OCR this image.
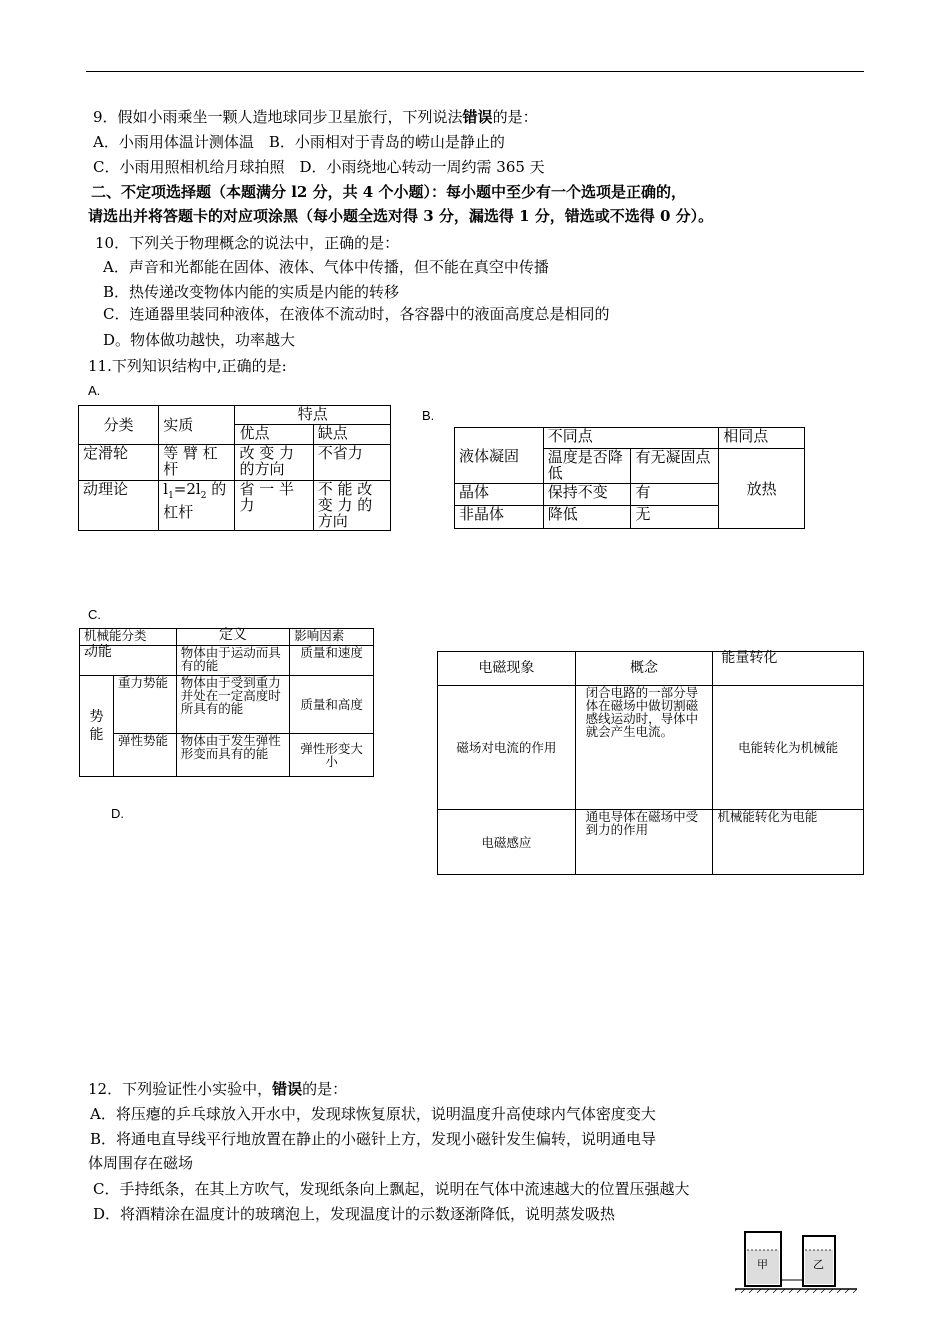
9．假如小雨乘坐一颗人造地球同步卫星旅行，下列说法错误的是：
A．小雨用体温计测体温　B．小雨相对于青岛的崂山是静止的
C．小雨用照相机给月球拍照　D．小雨绕地心转动一周约需 365 天
二、不定项选择题（本题满分 l2 分，共 4 个小题）：每小题中至少有一个选项是正确的，
请选出并将答题卡的对应项涂黑（每小题全选对得 3 分，漏选得 1 分，错选或不选得 0 分）。
10．下列关于物理概念的说法中，正确的是：
A．声音和光都能在固体、液体、气体中传播，但不能在真空中传播
B．热传递改变物体内能的实质是内能的转移
C．连通器里装同种液体，在液体不流动时，各容器中的液面高度总是相同的
D。物体做功越快，功率越大
11.下列知识结构中,正确的是:
A.
B.
C.
D.
分类	实质	特点	
		优点	缺点
定滑轮	等 臂 杠杆	改 变 力的方向	不省力
动理论	$l_1=2l_2$ 的杠杆	省 一 半力	不 能 改变 力 的方向
液体凝固	不同点		相同点
	温度是否降低	有无凝固点	放热
晶体	保持不变	有	
非晶体	降低	无	
机械能分类		定义	影响因素
动能		物体由于运动而具有的能	质量和速度
势能	重力势能	物体由于受到重力并处在一定高度时所具有的能	质量和高度
	弹性势能	物体由于发生弹性形变而具有的能	弹性形变大小
电磁现象	概念	能量转化
磁场对电流的作用	闭合电路的一部分导体在磁场中做切割磁感线运动时，导体中就会产生电流。	电能转化为机械能
电磁感应	通电导体在磁场中受到力的作用	机械能转化为电能
12．下列验证性小实验中，错误的是：
A．将压瘪的乒乓球放入开水中，发现球恢复原状，说明温度升高使球内气体密度变大
B．将通电直导线平行地放置在静止的小磁针上方，发现小磁针发生偏转，说明通电导
体周围存在磁场
C．手持纸条，在其上方吹气，发现纸条向上飘起，说明在气体中流速越大的位置压强越大
D．将酒精涂在温度计的玻璃泡上，发现温度计的示数逐渐降低，说明蒸发吸热
甲	乙
